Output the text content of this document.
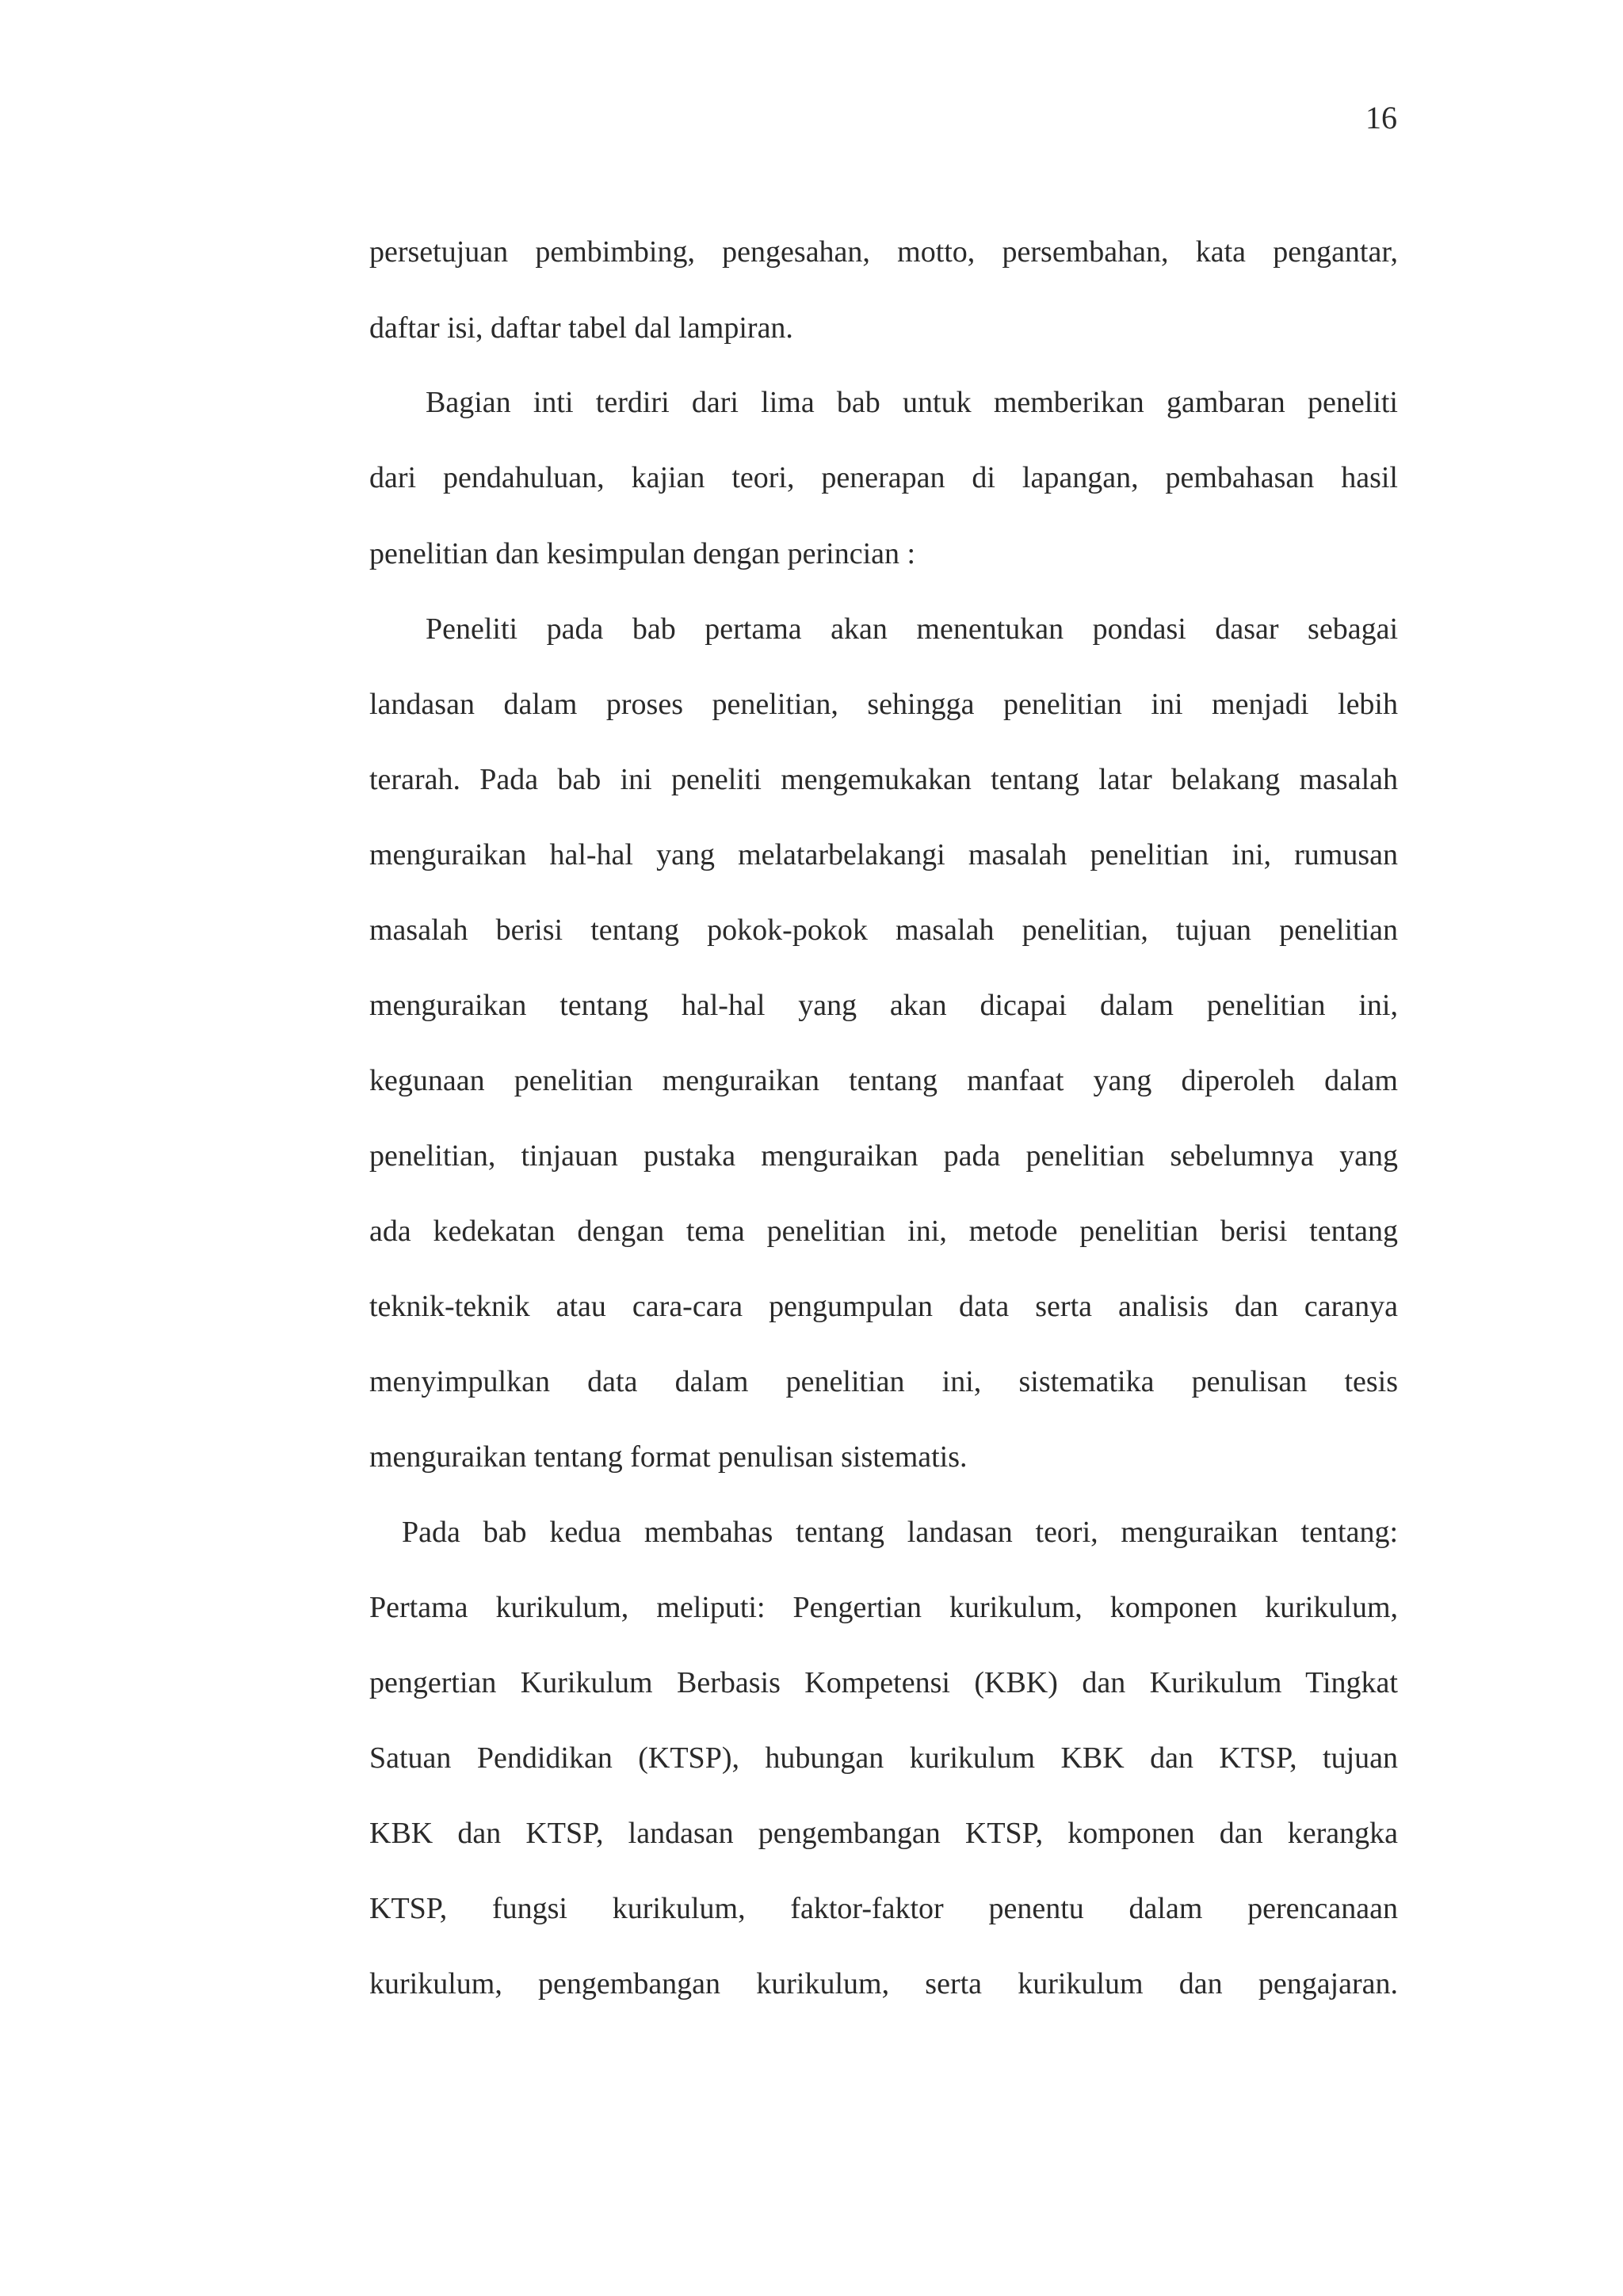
16
persetujuan pembimbing, pengesahan, motto, persembahan, kata pengantar,
daftar isi, daftar tabel dal lampiran.
Bagian inti terdiri dari lima bab untuk memberikan gambaran peneliti
dari pendahuluan, kajian teori, penerapan di lapangan, pembahasan hasil
penelitian dan kesimpulan dengan perincian :
Peneliti pada bab pertama akan menentukan pondasi dasar sebagai
landasan dalam proses penelitian, sehingga penelitian ini menjadi lebih
terarah. Pada bab ini peneliti mengemukakan tentang latar belakang masalah
menguraikan hal-hal yang melatarbelakangi masalah penelitian ini, rumusan
masalah berisi tentang pokok-pokok masalah penelitian, tujuan penelitian
menguraikan tentang hal-hal yang akan dicapai dalam penelitian ini,
kegunaan penelitian menguraikan tentang manfaat yang diperoleh dalam
penelitian, tinjauan pustaka menguraikan pada penelitian sebelumnya yang
ada kedekatan dengan tema penelitian ini, metode penelitian berisi tentang
teknik-teknik atau cara-cara pengumpulan data serta analisis dan caranya
menyimpulkan data dalam penelitian ini, sistematika penulisan tesis
menguraikan tentang format penulisan sistematis.
Pada bab kedua membahas tentang landasan teori, menguraikan tentang:
Pertama kurikulum, meliputi: Pengertian kurikulum, komponen kurikulum,
pengertian Kurikulum Berbasis Kompetensi (KBK) dan Kurikulum Tingkat
Satuan Pendidikan (KTSP), hubungan kurikulum KBK dan KTSP, tujuan
KBK dan KTSP, landasan pengembangan KTSP, komponen dan kerangka
KTSP, fungsi kurikulum, faktor-faktor penentu dalam perencanaan
kurikulum, pengembangan kurikulum, serta kurikulum dan pengajaran.
